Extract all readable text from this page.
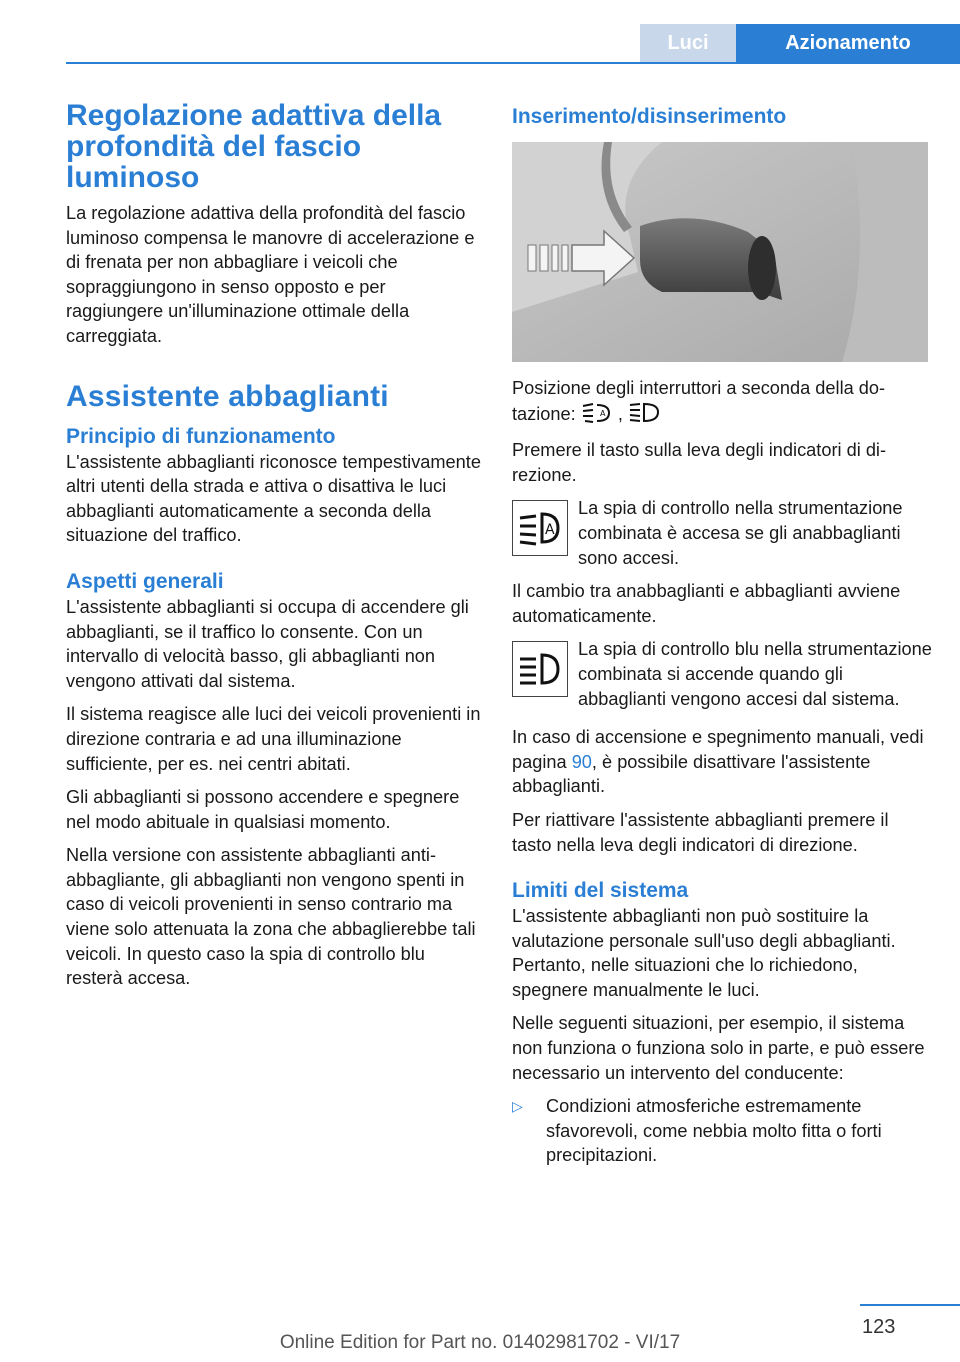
Luci	Azionamento
Regolazione adattiva della profondità del fascio luminoso

La regolazione adattiva della profondità del fascio luminoso compensa le manovre di accelerazione e di frenata per non abbagliare i veicoli che sopraggiungono in senso opposto e per raggiungere un'illuminazione ottimale della carreggiata.

Assistente abbaglianti
Principio di funzionamento

L'assistente abbaglianti riconosce tempestivamente altri utenti della strada e attiva o disattiva le luci abbaglianti automaticamente a seconda della situazione del traffico.

Aspetti generali

L'assistente abbaglianti si occupa di accendere gli abbaglianti, se il traffico lo consente. Con un intervallo di velocità basso, gli abbaglianti non vengono attivati dal sistema.

Il sistema reagisce alle luci dei veicoli provenienti in direzione contraria e ad una illuminazione sufficiente, per es. nei centri abitati.

Gli abbaglianti si possono accendere e spegnere nel modo abituale in qualsiasi momento.

Nella versione con assistente abbaglianti antiabbagliante, gli abbaglianti non vengono spenti in caso di veicoli provenienti in senso contrario ma viene solo attenuata la zona che abbaglierebbe tali veicoli. In questo caso la spia di controllo blu resterà accesa.

Inserimento/disinserimento

Posizione degli interruttori a seconda della dotazione:	A ,

Premere il tasto sulla leva degli indicatori di direzione.

A

La spia di controllo nella strumentazione combinata è accesa se gli anabbaglianti sono accesi.

Il cambio tra anabbaglianti e abbaglianti avviene automaticamente.

La spia di controllo blu nella strumentazione combinata si accende quando gli abbaglianti vengono accesi dal sistema.

In caso di accensione e spegnimento manuali, vedi pagina 90, è possibile disattivare l'assistente abbaglianti.

Per riattivare l'assistente abbaglianti premere il tasto nella leva degli indicatori di direzione.

Limiti del sistema

L'assistente abbaglianti non può sostituire la valutazione personale sull'uso degli abbaglianti. Pertanto, nelle situazioni che lo richiedono, spegnere manualmente le luci.

Nelle seguenti situazioni, per esempio, il sistema non funziona o funziona solo in parte, e può essere necessario un intervento del conducente:

▷	Condizioni atmosferiche estremamente sfavorevoli, come nebbia molto fitta o forti precipitazioni.

123
Online Edition for Part no. 01402981702 - VI/17
